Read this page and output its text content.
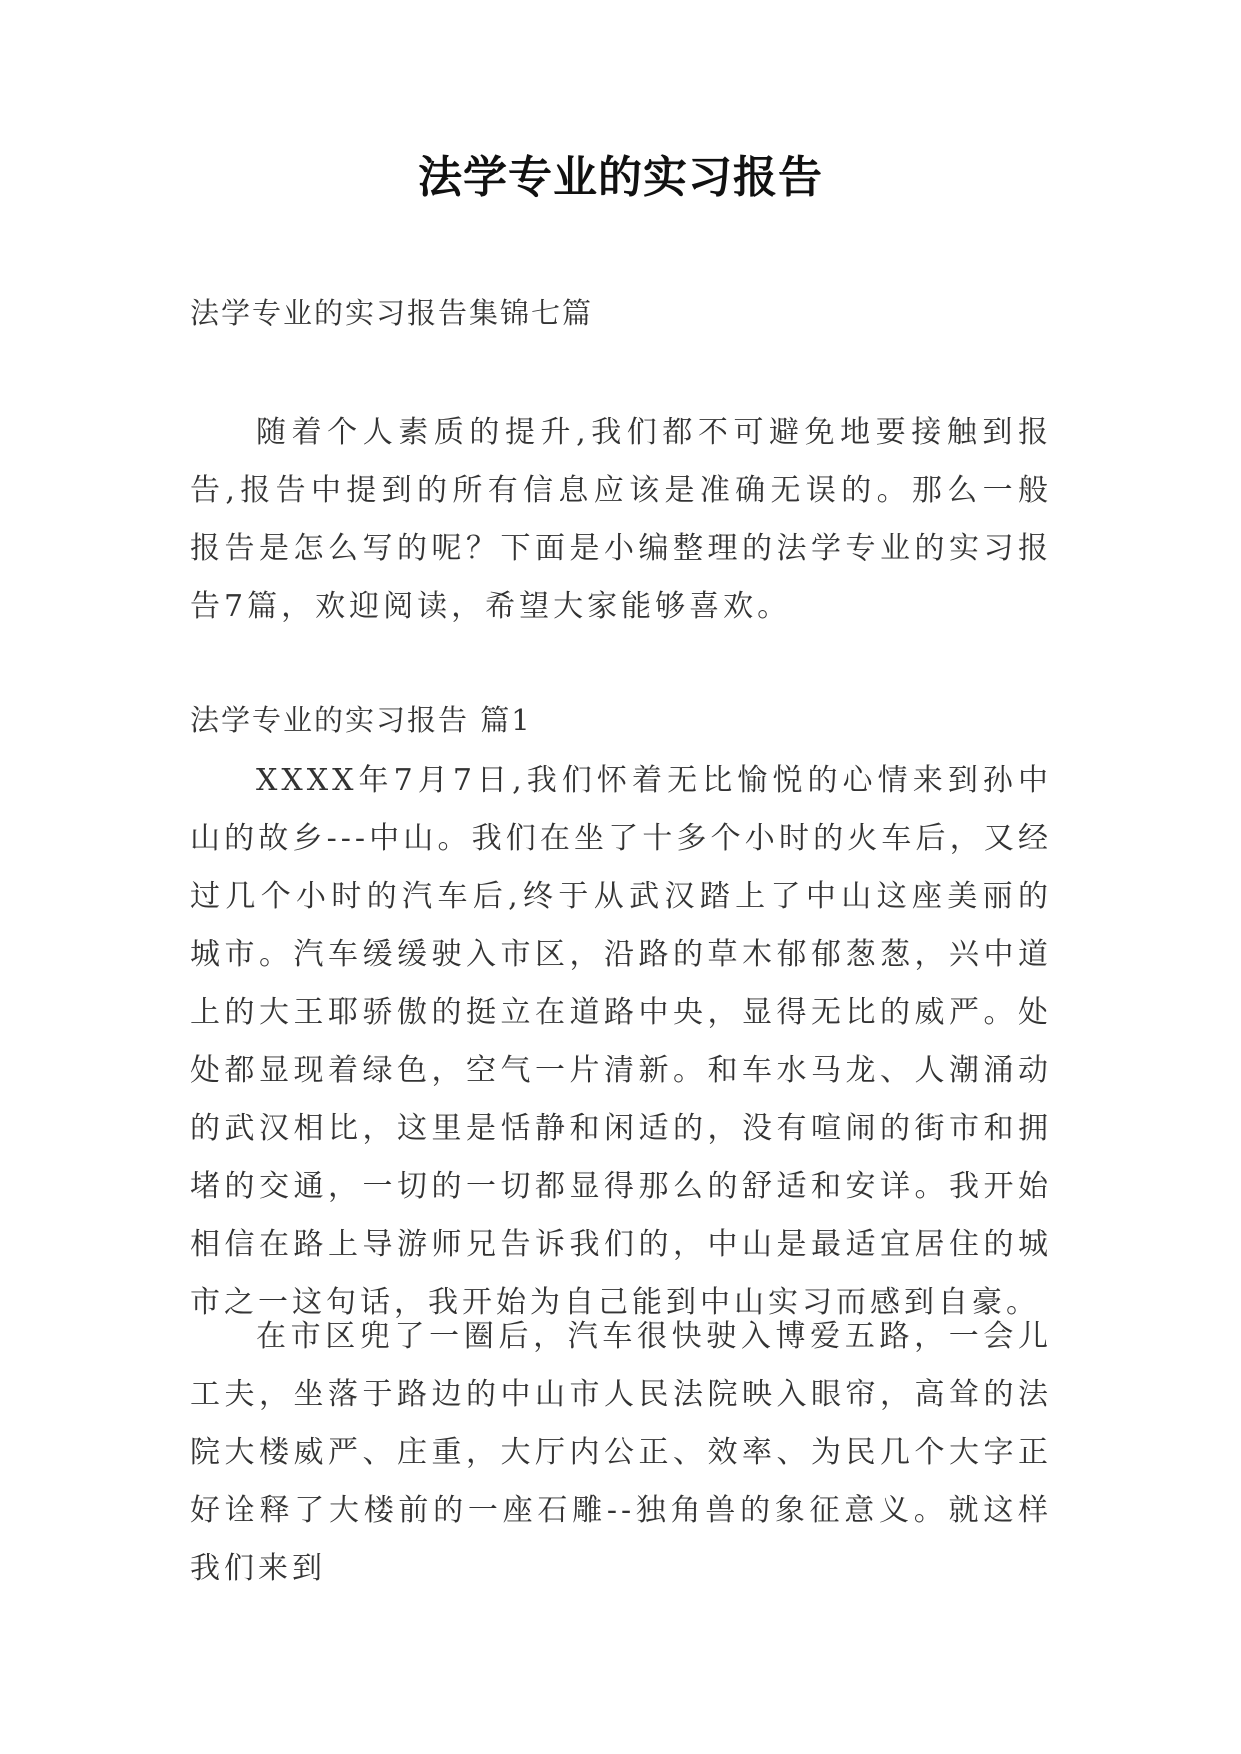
法学专业的实习报告

法学专业的实习报告集锦七篇

随着个人素质的提升,我们都不可避免地要接触到报告,报告中提到的所有信息应该是准确无误的。那么一般报告是怎么写的呢？下面是小编整理的法学专业的实习报告7篇，欢迎阅读，希望大家能够喜欢。

法学专业的实习报告 篇1

XXXX年7月7日,我们怀着无比愉悦的心情来到孙中山的故乡---中山。我们在坐了十多个小时的火车后，又经过几个小时的汽车后,终于从武汉踏上了中山这座美丽的城市。汽车缓缓驶入市区，沿路的草木郁郁葱葱，兴中道上的大王耶骄傲的挺立在道路中央，显得无比的威严。处处都显现着绿色，空气一片清新。和车水马龙、人潮涌动的武汉相比，这里是恬静和闲适的，没有喧闹的街市和拥堵的交通，一切的一切都显得那么的舒适和安详。我开始相信在路上导游师兄告诉我们的，中山是最适宜居住的城市之一这句话，我开始为自己能到中山实习而感到自豪。

在市区兜了一圈后，汽车很快驶入博爱五路，一会儿工夫，坐落于路边的中山市人民法院映入眼帘，高耸的法院大楼威严、庄重，大厅内公正、效率、为民几个大字正好诠释了大楼前的一座石雕--独角兽的象征意义。就这样我们来到
